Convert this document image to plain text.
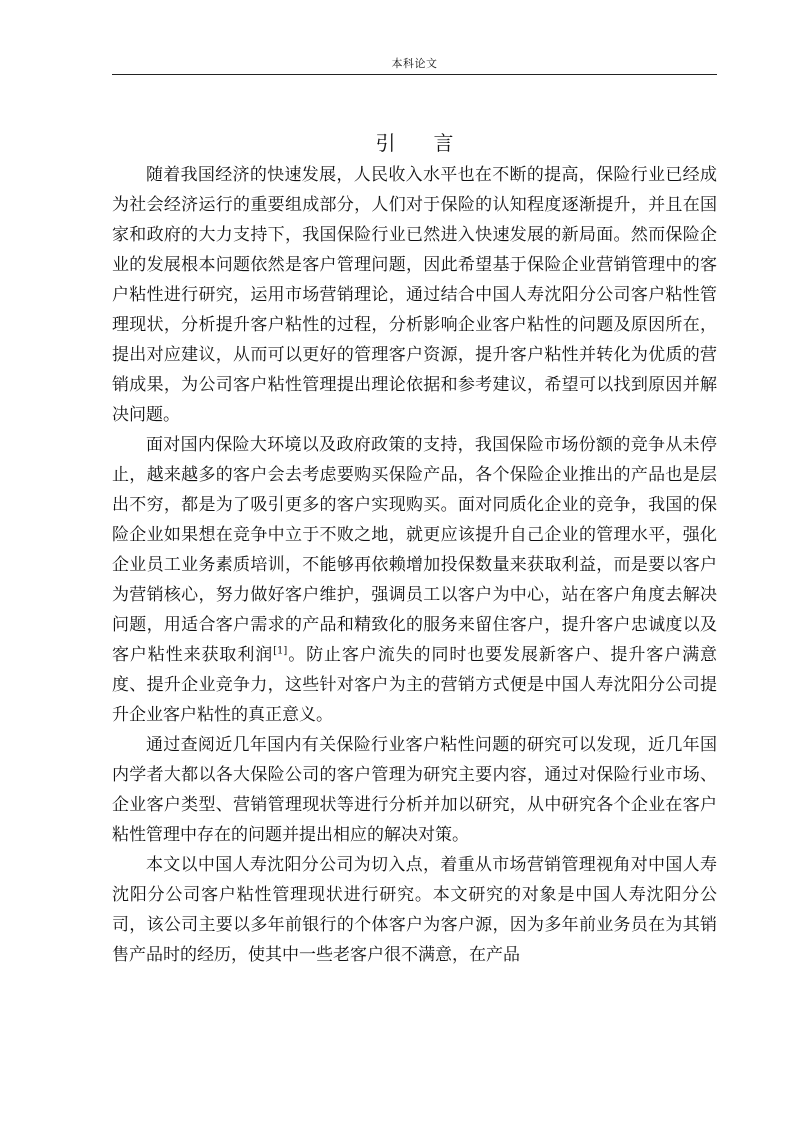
本科论文
引言

随着我国经济的快速发展，人民收入水平也在不断的提高，保险行业已经成为社会经济运行的重要组成部分，人们对于保险的认知程度逐渐提升，并且在国家和政府的大力支持下，我国保险行业已然进入快速发展的新局面。然而保险企业的发展根本问题依然是客户管理问题，因此希望基于保险企业营销管理中的客户粘性进行研究，运用市场营销理论，通过结合中国人寿沈阳分公司客户粘性管理现状，分析提升客户粘性的过程，分析影响企业客户粘性的问题及原因所在，提出对应建议，从而可以更好的管理客户资源，提升客户粘性并转化为优质的营销成果，为公司客户粘性管理提出理论依据和参考建议，希望可以找到原因并解决问题。

面对国内保险大环境以及政府政策的支持，我国保险市场份额的竞争从未停止，越来越多的客户会去考虑要购买保险产品，各个保险企业推出的产品也是层出不穷，都是为了吸引更多的客户实现购买。面对同质化企业的竞争，我国的保险企业如果想在竞争中立于不败之地，就更应该提升自己企业的管理水平，强化企业员工业务素质培训，不能够再依赖增加投保数量来获取利益，而是要以客户为营销核心，努力做好客户维护，强调员工以客户为中心，站在客户角度去解决问题，用适合客户需求的产品和精致化的服务来留住客户，提升客户忠诚度以及客户粘性来获取利润[1]。防止客户流失的同时也要发展新客户、提升客户满意度、提升企业竞争力，这些针对客户为主的营销方式便是中国人寿沈阳分公司提升企业客户粘性的真正意义。

通过查阅近几年国内有关保险行业客户粘性问题的研究可以发现，近几年国内学者大都以各大保险公司的客户管理为研究主要内容，通过对保险行业市场、企业客户类型、营销管理现状等进行分析并加以研究，从中研究各个企业在客户粘性管理中存在的问题并提出相应的解决对策。

本文以中国人寿沈阳分公司为切入点，着重从市场营销管理视角对中国人寿沈阳分公司客户粘性管理现状进行研究。本文研究的对象是中国人寿沈阳分公司，该公司主要以多年前银行的个体客户为客户源，因为多年前业务员在为其销售产品时的经历，使其中一些老客户很不满意，在产品
